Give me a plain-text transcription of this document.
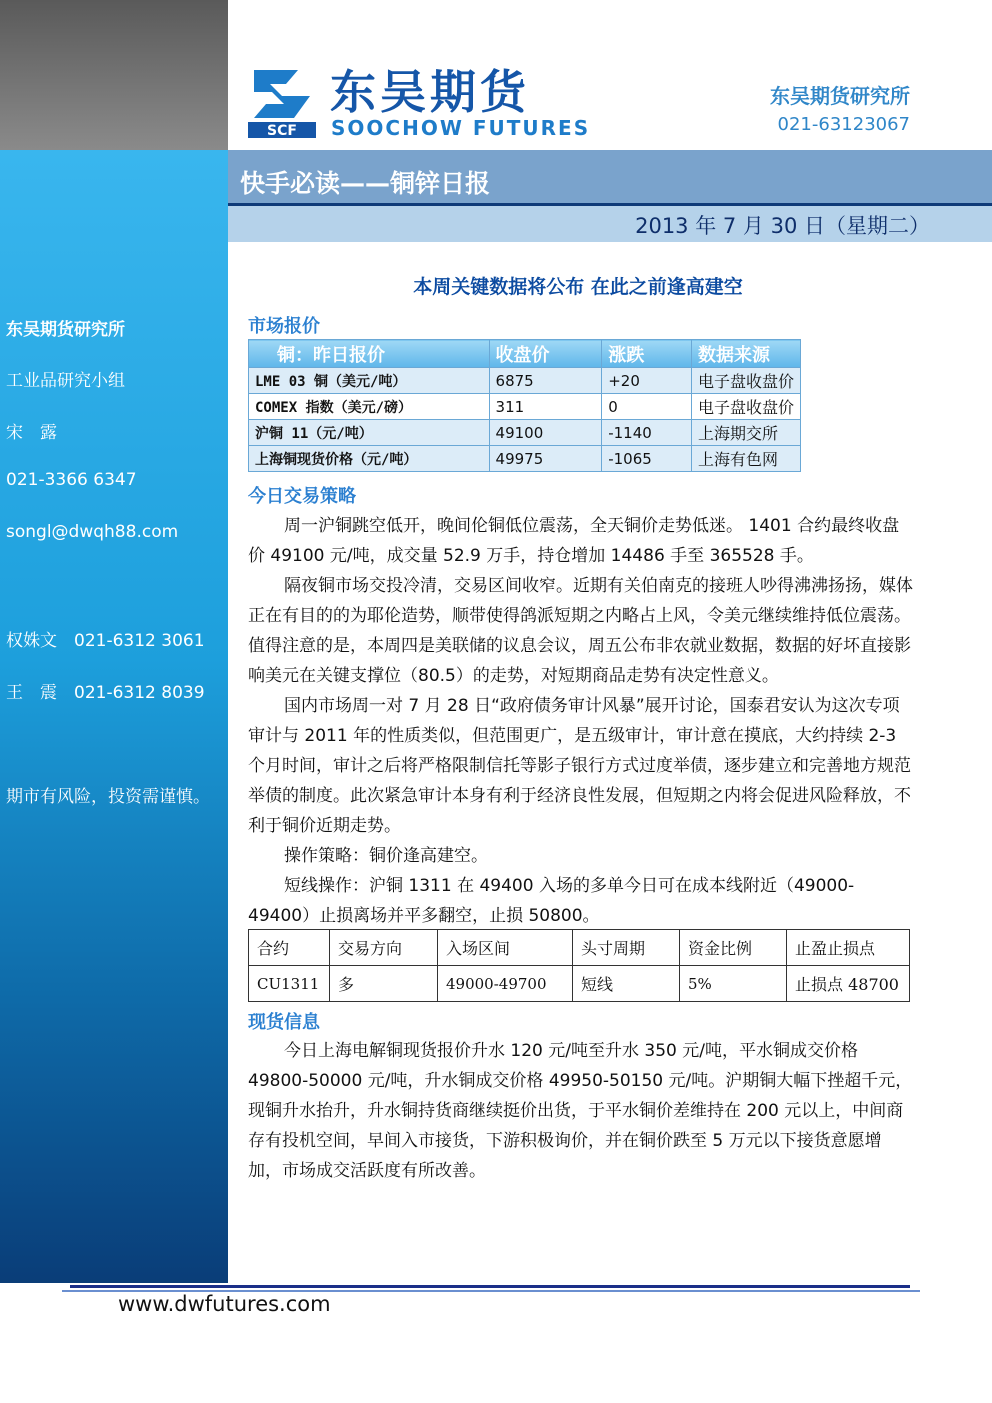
东吴期货研究所
工业品研究小组
宋　露
021-3366 6347
songl@dwqh88.com
权姝文　021-6312 3061
王　震　021-6312 8039
期市有风险，投资需谨慎。
SCF
东吴期货
SOOCHOW FUTURES
东吴期货研究所
021-63123067
快手必读——铜锌日报
2013 年 7 月 30 日（星期二）
本周关键数据将公布 在此之前逢高建空
市场报价
铜：昨日报价	收盘价	涨跌	数据来源
LME 03 铜（美元/吨）	6875	+20	电子盘收盘价
COMEX 指数（美元/磅）	311	0	电子盘收盘价
沪铜 11（元/吨）	49100	-1140	上海期交所
上海铜现货价格（元/吨）	49975	-1065	上海有色网
今日交易策略

周一沪铜跳空低开，晚间伦铜低位震荡，全天铜价走势低迷。 1401 合约最终收盘价 49100 元/吨，成交量 52.9 万手，持仓增加 14486 手至 365528 手。

隔夜铜市场交投冷清，交易区间收窄。近期有关伯南克的接班人吵得沸沸扬扬，媒体正在有目的的为耶伦造势，顺带使得鸽派短期之内略占上风，令美元继续维持低位震荡。值得注意的是，本周四是美联储的议息会议，周五公布非农就业数据，数据的好坏直接影响美元在关键支撑位（80.5）的走势，对短期商品走势有决定性意义。

国内市场周一对 7 月 28 日“政府债务审计风暴”展开讨论，国泰君安认为这次专项审计与 2011 年的性质类似，但范围更广，是五级审计，审计意在摸底，大约持续 2-3 个月时间，审计之后将严格限制信托等影子银行方式过度举债，逐步建立和完善地方规范举债的制度。此次紧急审计本身有利于经济良性发展，但短期之内将会促进风险释放，不利于铜价近期走势。

操作策略：铜价逢高建空。

短线操作：沪铜 1311 在 49400 入场的多单今日可在成本线附近（49000-49400）止损离场并平多翻空，止损 50800。

合约	交易方向	入场区间	头寸周期	资金比例	止盈止损点
CU1311	多	49000-49700	短线	5%	止损点 48700
现货信息

今日上海电解铜现货报价升水 120 元/吨至升水 350 元/吨，平水铜成交价格 49800-50000 元/吨，升水铜成交价格 49950-50150 元/吨。沪期铜大幅下挫超千元，现铜升水抬升，升水铜持货商继续挺价出货，于平水铜价差维持在 200 元以上，中间商存有投机空间，早间入市接货，下游积极询价，并在铜价跌至 5 万元以下接货意愿增加，市场成交活跃度有所改善。

www.dwfutures.com
